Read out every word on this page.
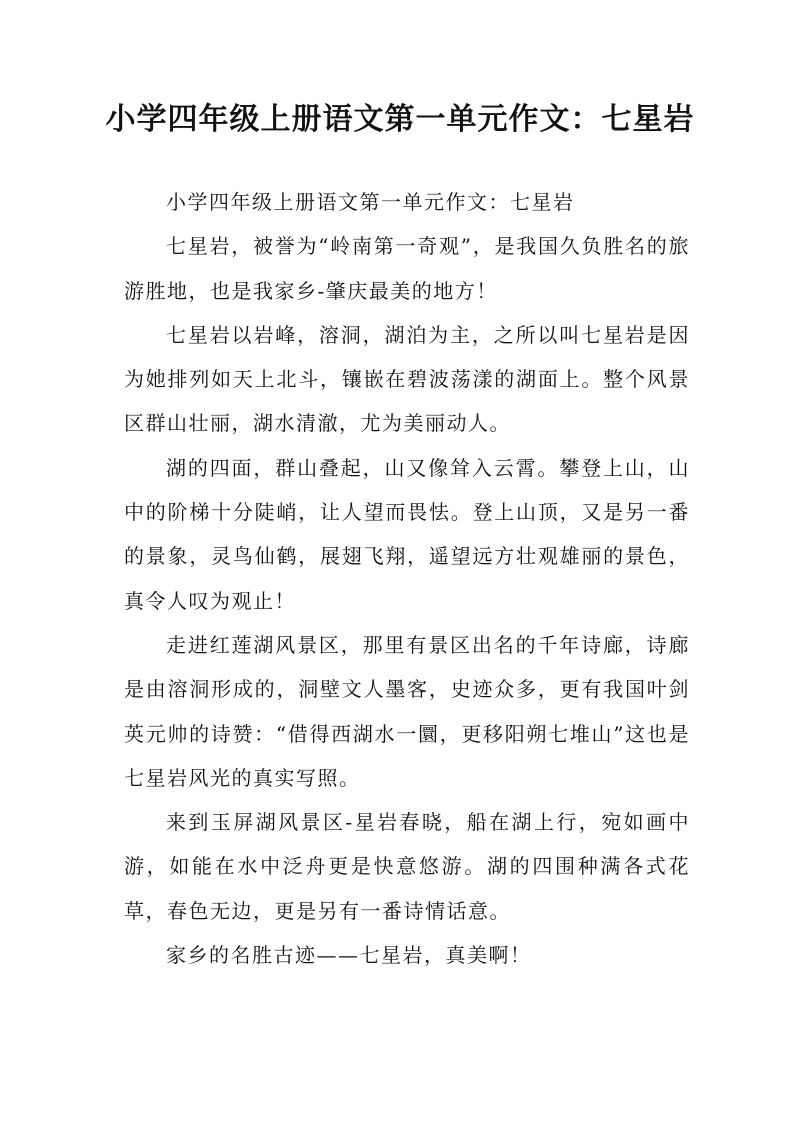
小学四年级上册语文第一单元作文：七星岩

小学四年级上册语文第一单元作文：七星岩

七星岩，被誉为“岭南第一奇观”，是我国久负胜名的旅游胜地，也是我家乡-肇庆最美的地方！

七星岩以岩峰，溶洞，湖泊为主，之所以叫七星岩是因为她排列如天上北斗，镶嵌在碧波荡漾的湖面上。整个风景区群山壮丽，湖水清澈，尤为美丽动人。

湖的四面，群山叠起，山又像耸入云霄。攀登上山，山中的阶梯十分陡峭，让人望而畏怯。登上山顶，又是另一番的景象，灵鸟仙鹤，展翅飞翔，遥望远方壮观雄丽的景色，真令人叹为观止！

走进红莲湖风景区，那里有景区出名的千年诗廊，诗廊是由溶洞形成的，洞壁文人墨客，史迹众多，更有我国叶剑英元帅的诗赞：“借得西湖水一圜，更移阳朔七堆山”这也是七星岩风光的真实写照。

来到玉屏湖风景区-星岩春晓，船在湖上行，宛如画中游，如能在水中泛舟更是快意悠游。湖的四围种满各式花草，春色无边，更是另有一番诗情话意。

家乡的名胜古迹——七星岩，真美啊！
